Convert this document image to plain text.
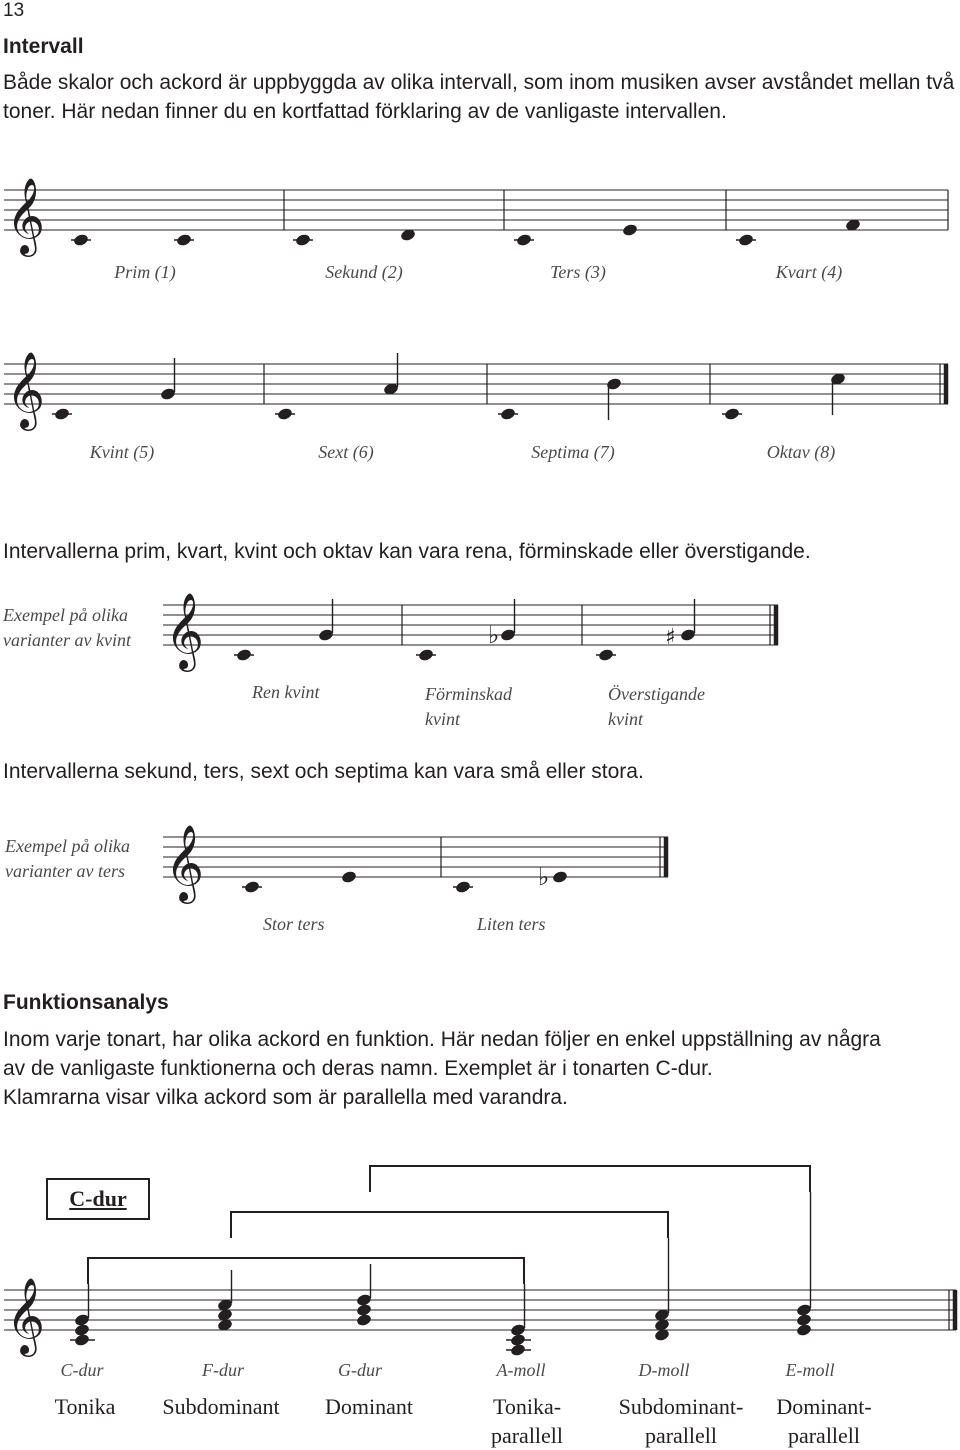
13
Intervall
Både skalor och ackord är uppbyggda av olika intervall, som inom musiken avser avståndet mellan två toner. Här nedan finner du en kortfattad förklaring av de vanligaste intervallen.
𝄞
Prim (1)	Sekund (2)	Ters (3)	Kvart (4)
𝄞
Kvint (5)	Sext (6)	Septima (7)	Oktav (8)
Intervallerna prim, kvart, kvint och oktav kan vara rena, förminskade eller överstigande.
Exempel på olika
varianter av kvint 𝄞	♭	♯
Ren kvint	Förminskad
kvint
Överstigande
kvint
Intervallerna sekund, ters, sext och septima kan vara små eller stora.
Exempel på olika
varianter av ters 𝄞	♭
Stor ters	Liten ters
Funktionsanalys
Inom varje tonart, har olika ackord en funktion. Här nedan följer en enkel uppställning av några
av de vanligaste funktionerna och deras namn. Exemplet är i tonarten C-dur.
Klamrarna visar vilka ackord som är parallella med varandra.
C-dur
𝄞
C-dur	F-dur	G-dur	A-moll	D-moll	E-moll
Tonika Subdominant Dominant	Tonika-
parallell
Subdominant-
parallell
Dominant-
parallell
